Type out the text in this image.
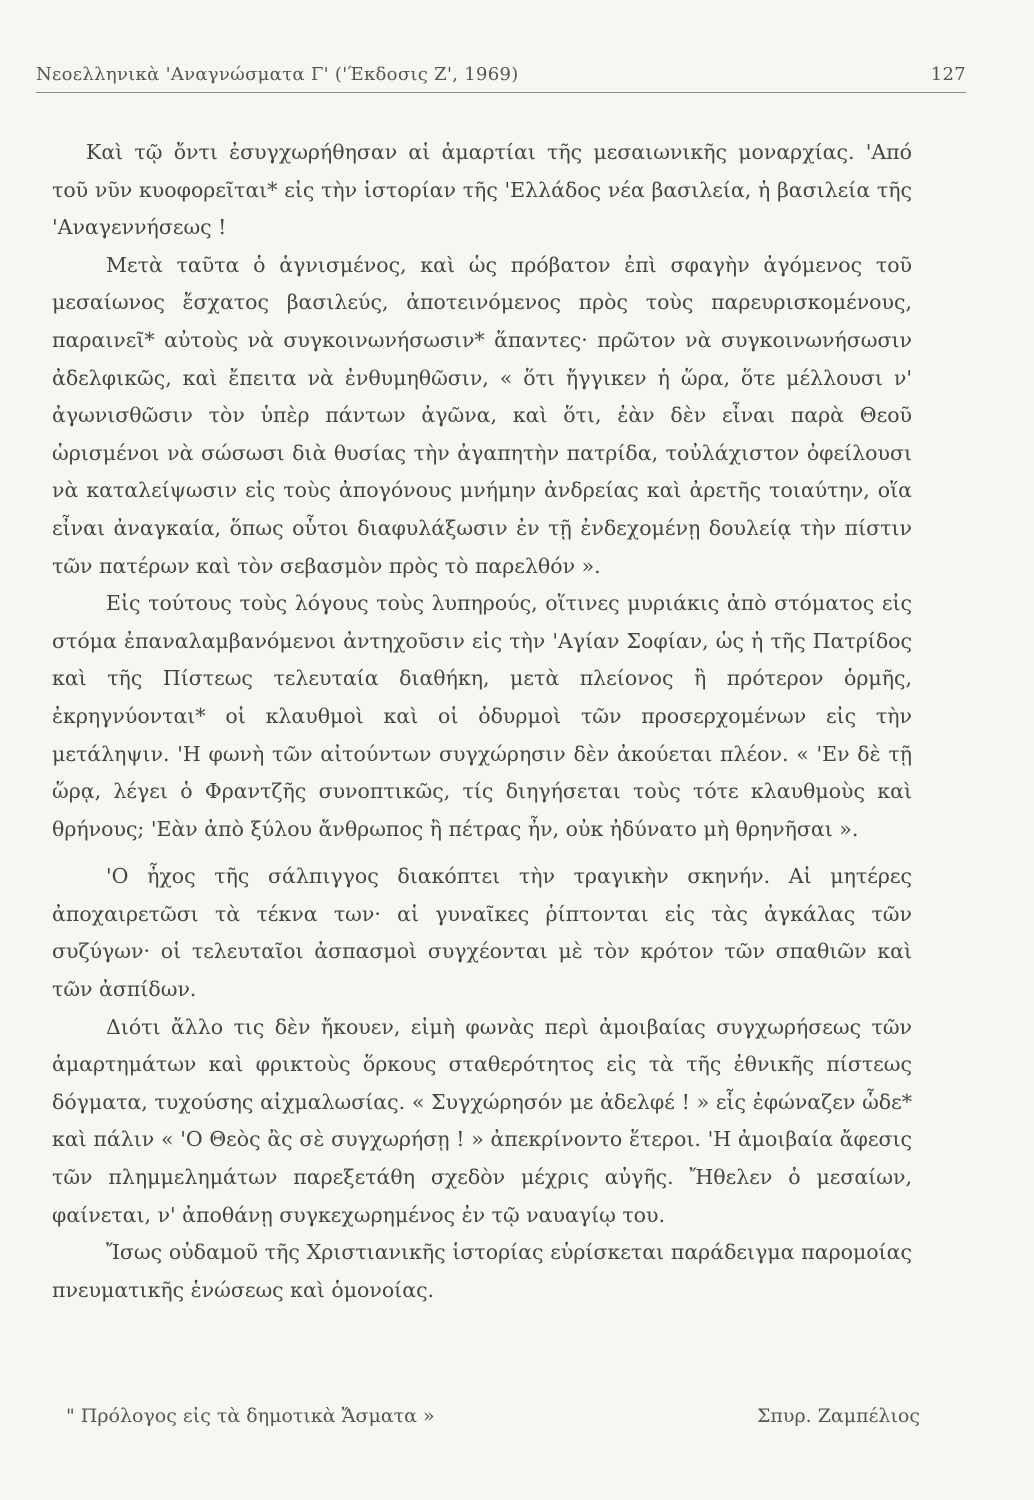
Νεοελληνικὰ 'Αναγνώσματα Γ' ('Έκδοσις Ζ', 1969)	127

Καὶ τῷ ὄντι ἐσυγχωρήθησαν αἱ ἁμαρτίαι τῆς μεσαιωνικῆς μοναρχίας. 'Από τοῦ νῦν κυοφορεῖται* εἰς τὴν ἱστορίαν τῆς 'Ελλάδος νέα βασιλεία, ἡ βασιλεία τῆς 'Αναγεννήσεως !

Μετὰ ταῦτα ὁ ἁγνισμένος, καὶ ὡς πρόβατον ἐπὶ σφαγὴν ἀγόμενος τοῦ μεσαίωνος ἔσχατος βασιλεύς, ἀποτεινόμενος πρὸς τοὺς παρευρισκομένους, παραινεῖ* αὐτοὺς νὰ συγκοινωνήσωσιν* ἅπαντες· πρῶτον νὰ συγκοινωνήσωσιν ἀδελφικῶς, καὶ ἔπειτα νὰ ἐνθυμηθῶσιν, « ὅτι ἤγγικεν ἡ ὥρα, ὅτε μέλλουσι ν' ἀγωνισθῶσιν τὸν ὑπὲρ πάντων ἀγῶνα, καὶ ὅτι, ἐὰν δὲν εἶναι παρὰ Θεοῦ ὡρισμένοι νὰ σώσωσι διὰ θυσίας τὴν ἀγαπητὴν πατρίδα, τοὐλάχιστον ὀφείλουσι νὰ καταλείψωσιν εἰς τοὺς ἀπογόνους μνήμην ἀνδρείας καὶ ἀρετῆς τοιαύτην, οἵα εἶναι ἀναγκαία, ὅπως οὗτοι διαφυλάξωσιν ἐν τῇ ἐνδεχομένῃ δουλείᾳ τὴν πίστιν τῶν πατέρων καὶ τὸν σεβασμὸν πρὸς τὸ παρελθόν ».

Εἰς τούτους τοὺς λόγους τοὺς λυπηρούς, οἵτινες μυριάκις ἀπὸ στόματος εἰς στόμα ἐπαναλαμβανόμενοι ἀντηχοῦσιν εἰς τὴν 'Αγίαν Σοφίαν, ὡς ἡ τῆς Πατρίδος καὶ τῆς Πίστεως τελευταία διαθήκη, μετὰ πλείονος ἢ πρότερον ὁρμῆς, ἐκρηγνύονται* οἱ κλαυθμοὶ καὶ οἱ ὀδυρμοὶ τῶν προσερχομένων εἰς τὴν μετάληψιν. 'Η φωνὴ τῶν αἰτούντων συγχώρησιν δὲν ἀκούεται πλέον. « 'Εν δὲ τῇ ὥρᾳ, λέγει ὁ Φραντζῆς συνοπτικῶς, τίς διηγήσεται τοὺς τότε κλαυθμοὺς καὶ θρήνους; 'Εὰν ἀπὸ ξύλου ἄνθρωπος ἢ πέτρας ἦν, οὐκ ἠδύνατο μὴ θρηνῆσαι ».

'Ο ἦχος τῆς σάλπιγγος διακόπτει τὴν τραγικὴν σκηνήν. Αἱ μητέρες ἀποχαιρετῶσι τὰ τέκνα των· αἱ γυναῖκες ῥίπτονται εἰς τὰς ἀγκάλας τῶν συζύγων· οἱ τελευταῖοι ἀσπασμοὶ συγχέονται μὲ τὸν κρότον τῶν σπαθιῶν καὶ τῶν ἀσπίδων.

Διότι ἄλλο τις δὲν ἤκουεν, εἰμὴ φωνὰς περὶ ἀμοιβαίας συγχωρήσεως τῶν ἁμαρτημάτων καὶ φρικτοὺς ὅρκους σταθερότητος εἰς τὰ τῆς ἐθνικῆς πίστεως δόγματα, τυχούσης αἰχμαλωσίας. « Συγχώρησόν με ἀδελφέ ! » εἷς ἐφώναζεν ὧδε* καὶ πάλιν « 'Ο Θεὸς ἂς σὲ συγχωρήσῃ ! » ἀπεκρίνοντο ἕτεροι. 'Η ἀμοιβαία ἄφεσις τῶν πλημμελημάτων παρεξετάθη σχεδὸν μέχρις αὐγῆς. Ἤθελεν ὁ μεσαίων, φαίνεται, ν' ἀποθάνῃ συγκεχωρημένος ἐν τῷ ναυαγίῳ του.

Ἴσως οὐδαμοῦ τῆς Χριστιανικῆς ἱστορίας εὑρίσκεται παράδειγμα παρομοίας πνευματικῆς ἑνώσεως καὶ ὁμονοίας.

" Πρόλογος εἰς τὰ δημοτικὰ Ἄσματα »	Σπυρ. Ζαμπέλιος
